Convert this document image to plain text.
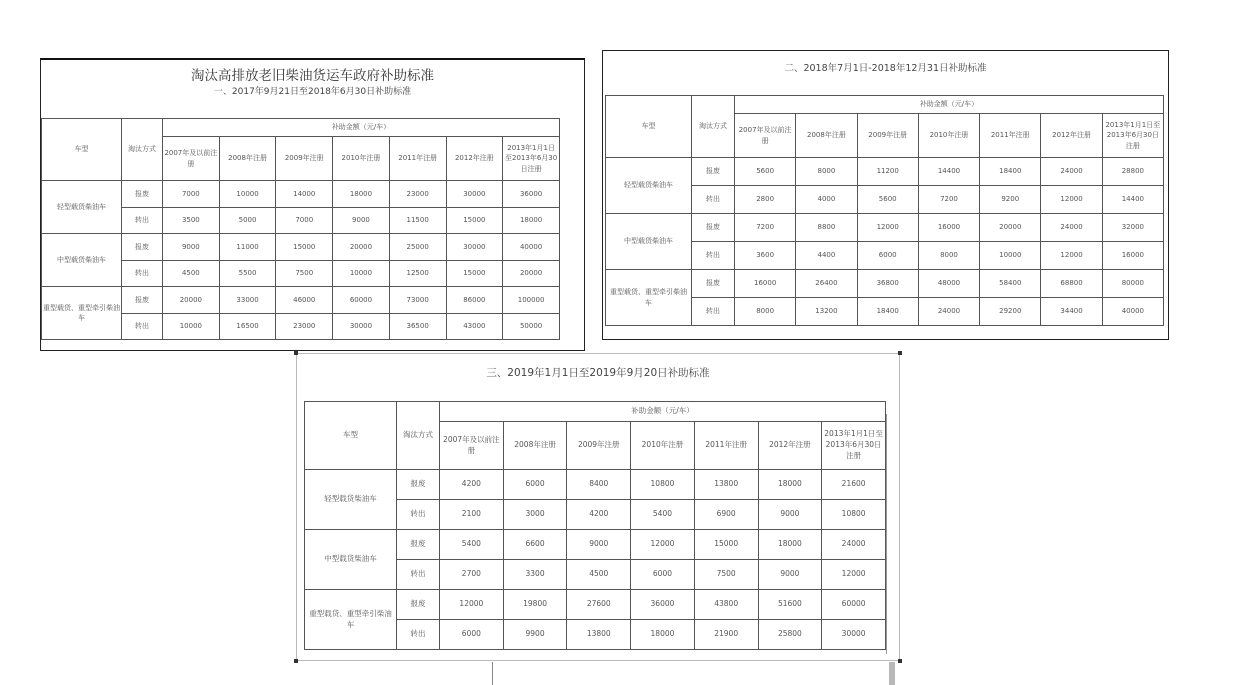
淘汰高排放老旧柴油货运车政府补助标准
一、2017年9月21日至2018年6月30日补助标准
车型	淘汰方式	补助金额（元/车）						
		2007年及以前注册	2008年注册	2009年注册	2010年注册	2011年注册	2012年注册	2013年1月1日至2013年6月30日注册
轻型载货柴油车	报废	7000	10000	14000	18000	23000	30000	36000
	转出	3500	5000	7000	9000	11500	15000	18000
中型载货柴油车	报废	9000	11000	15000	20000	25000	30000	40000
	转出	4500	5500	7500	10000	12500	15000	20000
重型载货、重型牵引柴油车	报废	20000	33000	46000	60000	73000	86000	100000
	转出	10000	16500	23000	30000	36500	43000	50000
二、2018年7月1日-2018年12月31日补助标准
车型	淘汰方式	补助金额（元/车）						
		2007年及以前注册	2008年注册	2009年注册	2010年注册	2011年注册	2012年注册	2013年1月1日至2013年6月30日注册
轻型载货柴油车	报废	5600	8000	11200	14400	18400	24000	28800
	转出	2800	4000	5600	7200	9200	12000	14400
中型载货柴油车	报废	7200	8800	12000	16000	20000	24000	32000
	转出	3600	4400	6000	8000	10000	12000	16000
重型载货、重型牵引柴油车	报废	16000	26400	36800	48000	58400	68800	80000
	转出	8000	13200	18400	24000	29200	34400	40000
三、2019年1月1日至2019年9月20日补助标准
车型	淘汰方式	补助金额（元/车）						
		2007年及以前注册	2008年注册	2009年注册	2010年注册	2011年注册	2012年注册	2013年1月1日至2013年6月30日注册
轻型载货柴油车	报废	4200	6000	8400	10800	13800	18000	21600
	转出	2100	3000	4200	5400	6900	9000	10800
中型载货柴油车	报废	5400	6600	9000	12000	15000	18000	24000
	转出	2700	3300	4500	6000	7500	9000	12000
重型载货、重型牵引柴油车	报废	12000	19800	27600	36000	43800	51600	60000
	转出	6000	9900	13800	18000	21900	25800	30000
